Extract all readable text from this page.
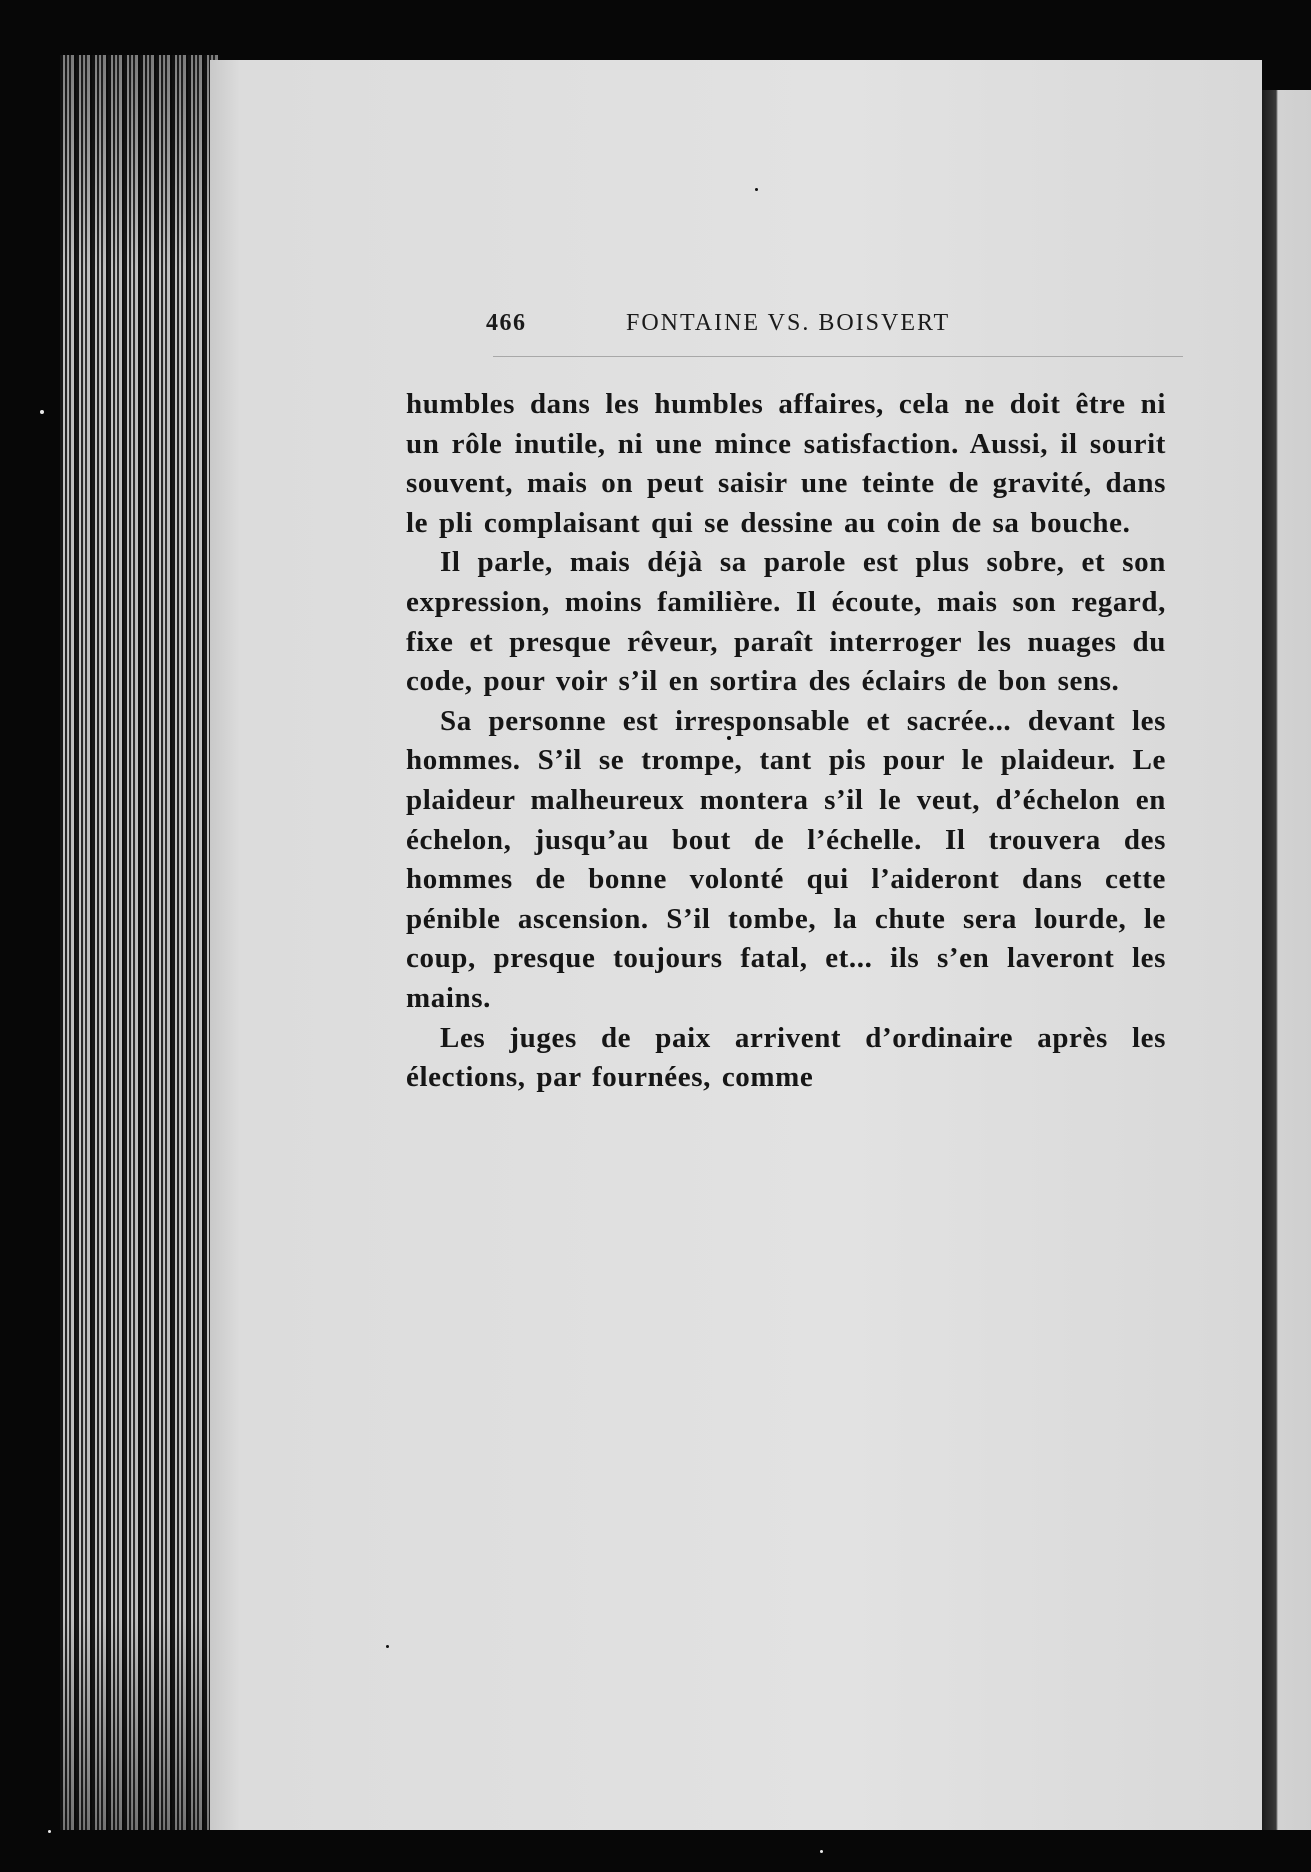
466	FONTAINE VS. BOISVERT

humbles dans les humbles affaires, cela ne doit être ni un rôle inutile, ni une mince satisfaction. Aussi, il sourit souvent, mais on peut saisir une teinte de gravité, dans le pli complaisant qui se dessine au coin de sa bouche.

Il parle, mais déjà sa parole est plus sobre, et son expression, moins familière. Il écoute, mais son regard, fixe et presque rêveur, paraît interroger les nuages du code, pour voir s’il en sortira des éclairs de bon sens.

Sa personne est irresponsable et sacrée... devant les hommes. S’il se trompe, tant pis pour le plaideur. Le plaideur malheureux montera s’il le veut, d’échelon en échelon, jusqu’au bout de l’échelle. Il trouvera des hommes de bonne volonté qui l’aideront dans cette pénible ascension. S’il tombe, la chute sera lourde, le coup, presque toujours fatal, et... ils s’en laveront les mains.

Les juges de paix arrivent d’ordinaire après les élections, par fournées, comme
